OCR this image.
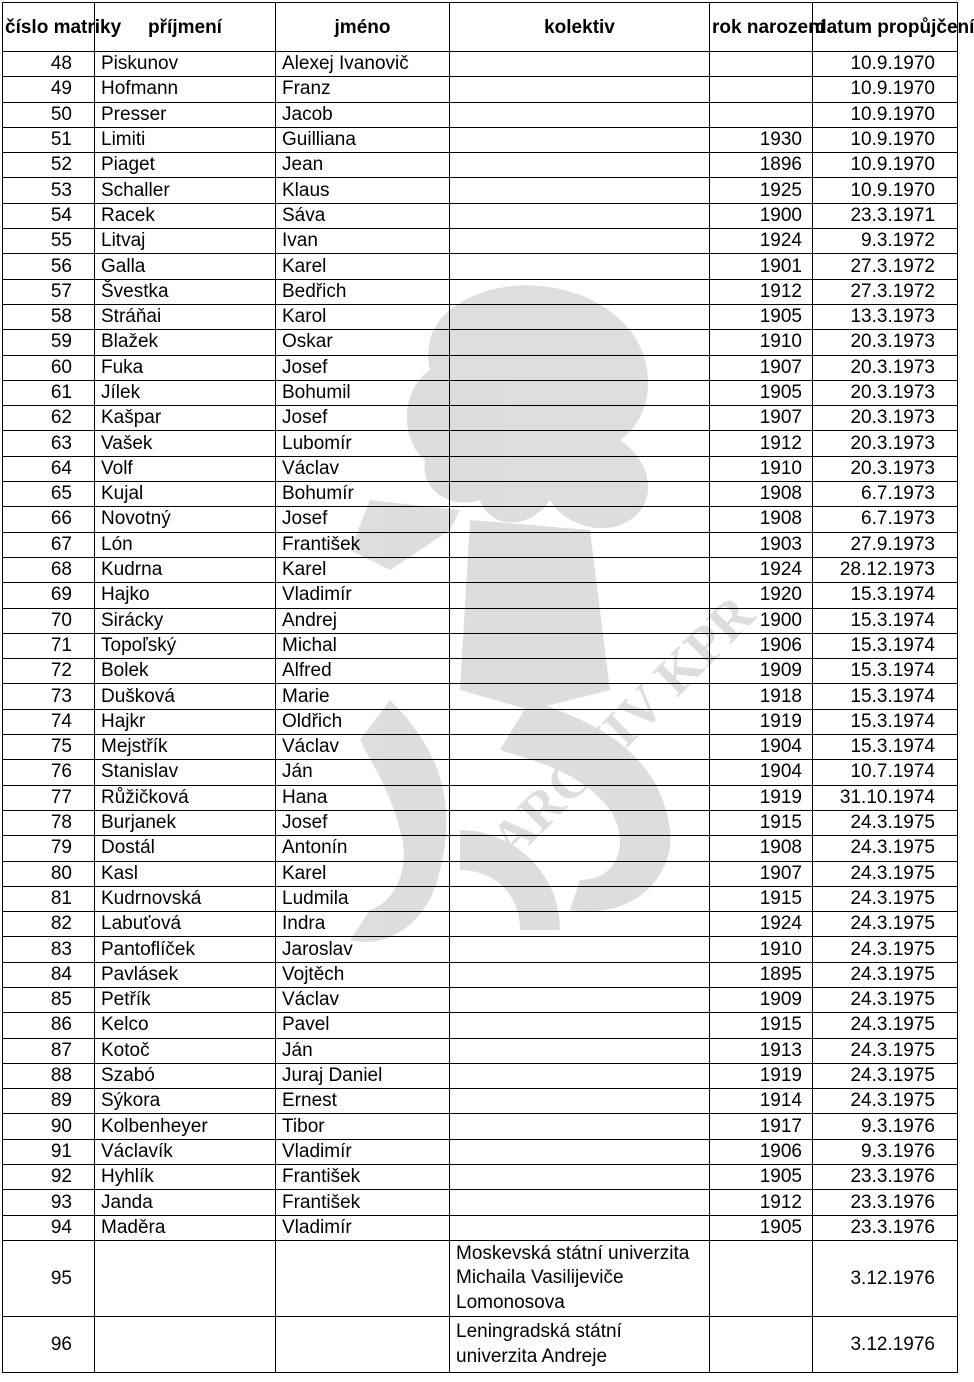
ARCHIV KPR
číslo matriky	příjmení	jméno	kolektiv	rok narození	datum propůjčení
48	Piskunov	Alexej Ivanovič			10.9.1970
49	Hofmann	Franz			10.9.1970
50	Presser	Jacob			10.9.1970
51	Limiti	Guilliana		1930	10.9.1970
52	Piaget	Jean		1896	10.9.1970
53	Schaller	Klaus		1925	10.9.1970
54	Racek	Sáva		1900	23.3.1971
55	Litvaj	Ivan		1924	9.3.1972
56	Galla	Karel		1901	27.3.1972
57	Švestka	Bedřich		1912	27.3.1972
58	Stráňai	Karol		1905	13.3.1973
59	Blažek	Oskar		1910	20.3.1973
60	Fuka	Josef		1907	20.3.1973
61	Jílek	Bohumil		1905	20.3.1973
62	Kašpar	Josef		1907	20.3.1973
63	Vašek	Lubomír		1912	20.3.1973
64	Volf	Václav		1910	20.3.1973
65	Kujal	Bohumír		1908	6.7.1973
66	Novotný	Josef		1908	6.7.1973
67	Lón	František		1903	27.9.1973
68	Kudrna	Karel		1924	28.12.1973
69	Hajko	Vladimír		1920	15.3.1974
70	Sirácky	Andrej		1900	15.3.1974
71	Topoľský	Michal		1906	15.3.1974
72	Bolek	Alfred		1909	15.3.1974
73	Dušková	Marie		1918	15.3.1974
74	Hajkr	Oldřich		1919	15.3.1974
75	Mejstřík	Václav		1904	15.3.1974
76	Stanislav	Ján		1904	10.7.1974
77	Růžičková	Hana		1919	31.10.1974
78	Burjanek	Josef		1915	24.3.1975
79	Dostál	Antonín		1908	24.3.1975
80	Kasl	Karel		1907	24.3.1975
81	Kudrnovská	Ludmila		1915	24.3.1975
82	Labuťová	Indra		1924	24.3.1975
83	Pantoflíček	Jaroslav		1910	24.3.1975
84	Pavlásek	Vojtěch		1895	24.3.1975
85	Petřík	Václav		1909	24.3.1975
86	Kelco	Pavel		1915	24.3.1975
87	Kotoč	Ján		1913	24.3.1975
88	Szabó	Juraj Daniel		1919	24.3.1975
89	Sýkora	Ernest		1914	24.3.1975
90	Kolbenheyer	Tibor		1917	9.3.1976
91	Václavík	Vladimír		1906	9.3.1976
92	Hyhlík	František		1905	23.3.1976
93	Janda	František		1912	23.3.1976
94	Maděra	Vladimír		1905	23.3.1976
95			Moskevská státní univerzita Michaila Vasilijeviče Lomonosova		3.12.1976
96			Leningradská státní univerzita Andreje		3.12.1976
